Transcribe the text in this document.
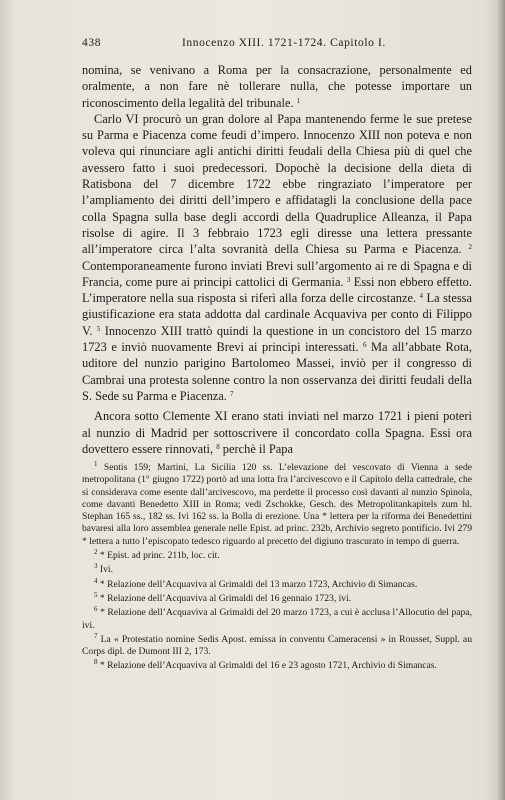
438	Innocenzo XIII. 1721-1724. Capitolo I.

nomina, se venivano a Roma per la consacrazione, personalmente ed oralmente, a non fare nè tollerare nulla, che potesse importare un riconoscimento della legalità del tribunale. $^1$

Carlo VI procurò un gran dolore al Papa mantenendo ferme le sue pretese su Parma e Piacenza come feudi d’impero. Innocenzo XIII non poteva e non voleva qui rinunciare agli antichi diritti feudali della Chiesa più di quel che avessero fatto i suoi predecessori. Dopochè la decisione della dieta di Ratisbona del 7 dicembre 1722 ebbe ringraziato l’imperatore per l’ampliamento dei diritti dell’impero e affidatagli la conclusione della pace colla Spagna sulla base degli accordi della Quadruplice Alleanza, il Papa risolse di agire. Il 3 febbraio 1723 egli diresse una lettera pressante all’imperatore circa l’alta sovranità della Chiesa su Parma e Piacenza. $^2$ Contemporaneamente furono inviati Brevi sull’argomento ai re di Spagna e di Francia, come pure ai principi cattolici di Germania. $^3$ Essi non ebbero effetto. L’imperatore nella sua risposta si riferì alla forza delle circostanze. $^4$ La stessa giustificazione era stata addotta dal cardinale Acquaviva per conto di Filippo V. $^5$ Innocenzo XIII trattò quindi la questione in un concistoro del 15 marzo 1723 e inviò nuovamente Brevi ai principi interessati. $^6$ Ma all’abbate Rota, uditore del nunzio parigino Bartolomeo Massei, inviò per il congresso di Cambrai una protesta solenne contro la non osservanza dei diritti feudali della S. Sede su Parma e Piacenza. $^7$

Ancora sotto Clemente XI erano stati inviati nel marzo 1721 i pieni poteri al nunzio di Madrid per sottoscrivere il concordato colla Spagna. Essi ora dovettero essere rinnovati, $^8$ perchè il Papa

$^1$ Sentis 159; Martini, La Sicilia 120 ss. L’elevazione del vescovato di Vienna a sede metropolitana (1° giugno 1722) portò ad una lotta fra l’arcivescovo e il Capitolo della cattedrale, che si considerava come esente dall’arcivescovo, ma perdette il processo così davanti al nunzio Spinola, come davanti Benedetto XIII in Roma; vedi Zschokke, Gesch. des Metropolitankapitels zum hl. Stephan 165 ss., 182 ss. Ivi 162 ss. la Bolla di erezione. Una * lettera per la riforma dei Benedettini bavaresi alla loro assemblea generale nelle Epist. ad princ. 232b, Archivio segreto pontificio. Ivi 279 * lettera a tutto l’episcopato tedesco riguardo al precetto del digiuno trascurato in tempo di guerra.

$^2$ * Epist. ad princ. 211b, loc. cit.

$^3$ Ivi.

$^4$ * Relazione dell’Acquaviva al Grimaldi del 13 marzo 1723, Archivio di Simancas.

$^5$ * Relazione dell’Acquaviva al Grimaldi del 16 gennaio 1723, ivi.

$^6$ * Relazione dell’Acquaviva al Grimaldi del 20 marzo 1723, a cui è acclusa l’Allocutio del papa, ivi.

$^7$ La « Protestatio nomine Sedis Apost. emissa in conventu Cameracensi » in Rousset, Suppl. au Corps dipl. de Dumont III 2, 173.

$^8$ * Relazione dell’Acquaviva al Grimaldi del 16 e 23 agosto 1721, Archivio di Simancas.
